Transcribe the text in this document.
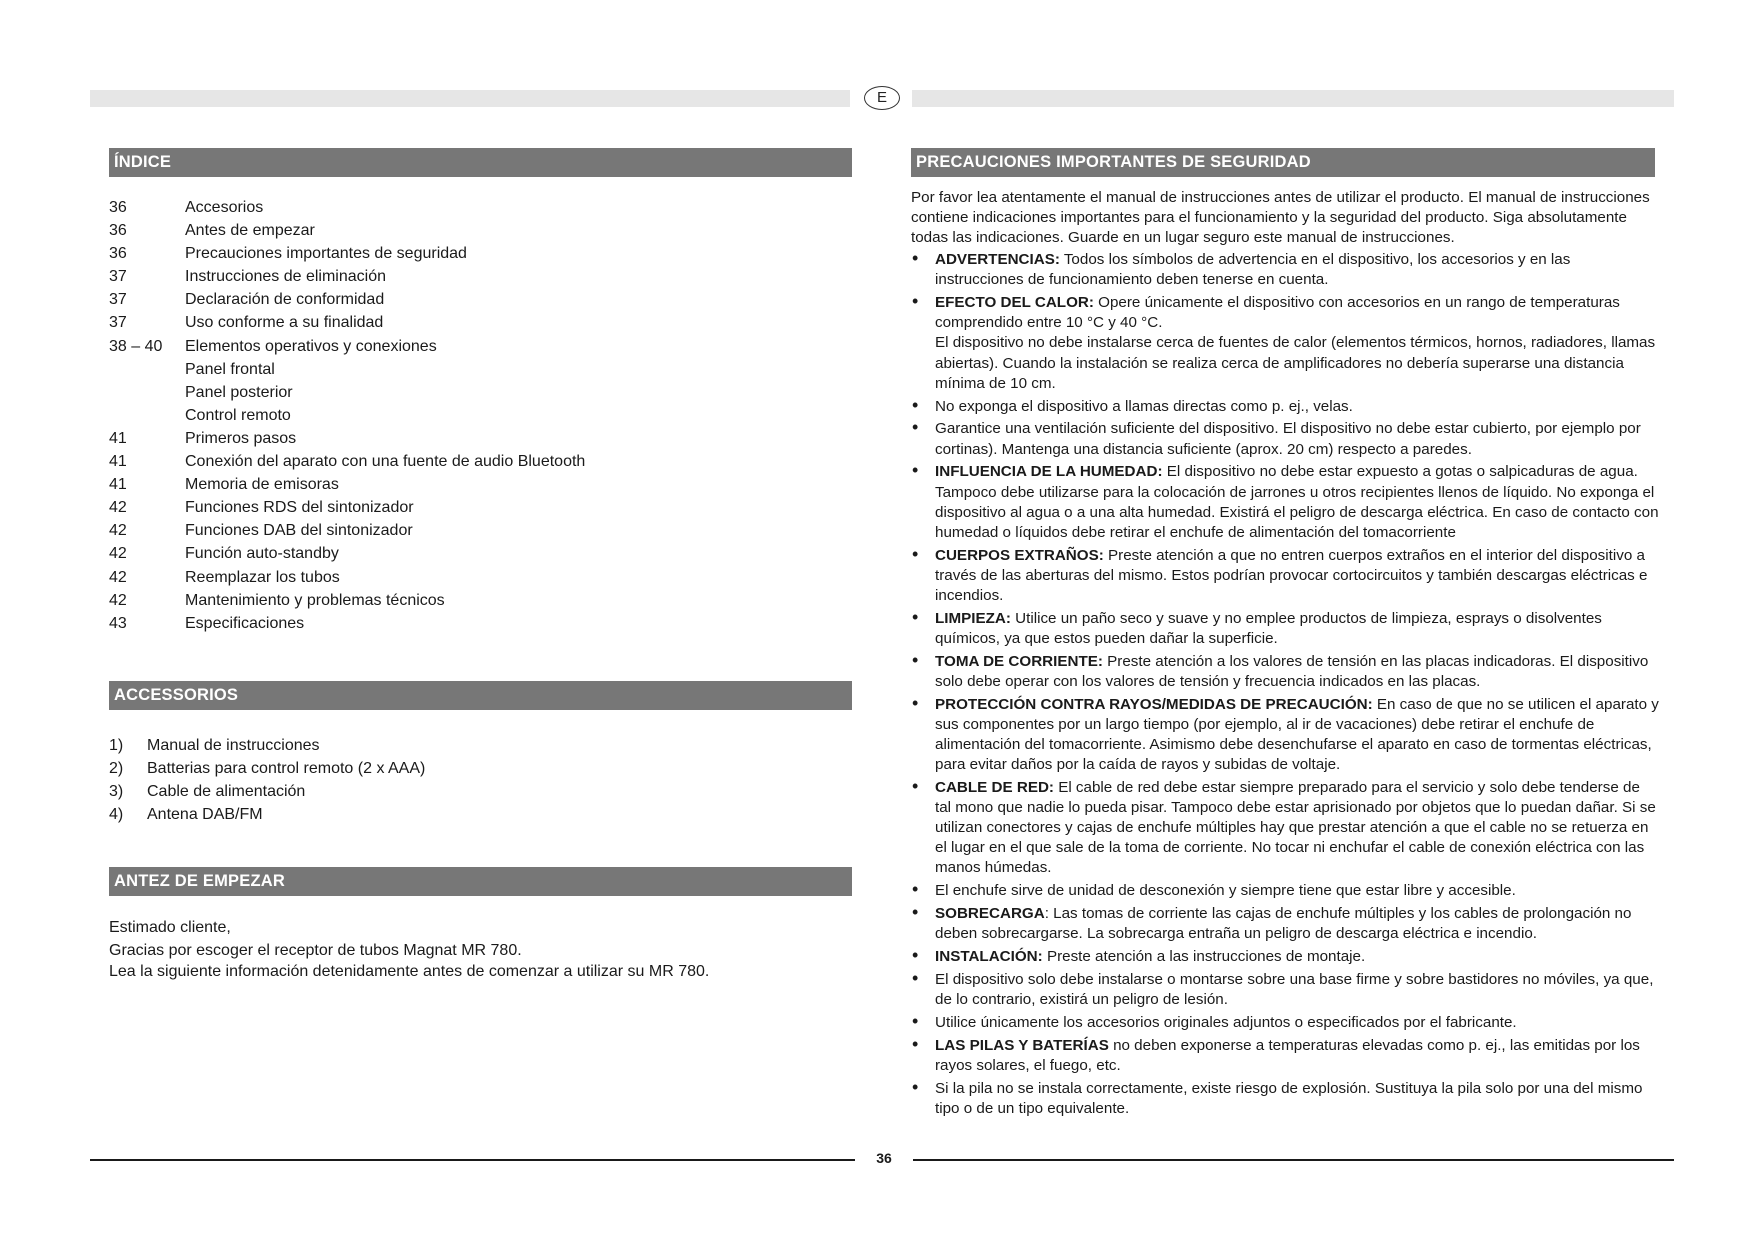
E
ÍNDICE
36	Accesorios
36	Antes de empezar
36	Precauciones importantes de seguridad
37	Instrucciones de eliminación
37	Declaración de conformidad
37	Uso conforme a su finalidad
38 – 40	Elementos operativos y conexiones
Panel frontal
Panel posterior
Control remoto
41	Primeros pasos
41	Conexión del aparato con una fuente de audio Bluetooth
41	Memoria de emisoras
42	Funciones RDS del sintonizador
42	Funciones DAB del sintonizador
42	Función auto-standby
42	Reemplazar los tubos
42	Mantenimiento y problemas técnicos
43	Especificaciones
ACCESSORIOS
1)	Manual de instrucciones
2)	Batterias para control remoto (2 x AAA)
3)	Cable de alimentación
4)	Antena DAB/FM
ANTEZ DE EMPEZAR

Estimado cliente,

Gracias por escoger el receptor de tubos Magnat MR 780.

Lea la siguiente información detenidamente antes de comenzar a utilizar su MR 780.

PRECAUCIONES IMPORTANTES DE SEGURIDAD

Por favor lea atentamente el manual de instrucciones antes de utilizar el producto. El manual de instrucciones contiene indicaciones importantes para el funcionamiento y la seguridad del producto. Siga absolutamente todas las indicaciones. Guarde en un lugar seguro este manual de instrucciones.

• ADVERTENCIAS: Todos los símbolos de advertencia en el dispositivo, los accesorios y en las instrucciones de funcionamiento deben tenerse en cuenta.
• EFECTO DEL CALOR: Opere únicamente el dispositivo con accesorios en un rango de temperaturas comprendido entre 10 °C y 40 °C.
El dispositivo no debe instalarse cerca de fuentes de calor (elementos térmicos, hornos, radiadores, llamas abiertas). Cuando la instalación se realiza cerca de amplificadores no debería superarse una distancia mínima de 10 cm.
• No exponga el dispositivo a llamas directas como p. ej., velas.
• Garantice una ventilación suficiente del dispositivo. El dispositivo no debe estar cubierto, por ejemplo por cortinas). Mantenga una distancia suficiente (aprox. 20 cm) respecto a paredes.
• INFLUENCIA DE LA HUMEDAD: El dispositivo no debe estar expuesto a gotas o salpicaduras de agua. Tampoco debe utilizarse para la colocación de jarrones u otros recipientes llenos de líquido. No exponga el dispositivo al agua o a una alta humedad. Existirá el peligro de descarga eléctrica. En caso de contacto con humedad o líquidos debe retirar el enchufe de alimentación del tomacorriente
• CUERPOS EXTRAÑOS: Preste atención a que no entren cuerpos extraños en el interior del dispositivo a través de las aberturas del mismo. Estos podrían provocar cortocircuitos y también descargas eléctricas e incendios.
• LIMPIEZA: Utilice un paño seco y suave y no emplee productos de limpieza, esprays o disolventes químicos, ya que estos pueden dañar la superficie.
• TOMA DE CORRIENTE: Preste atención a los valores de tensión en las placas indicadoras. El dispositivo solo debe operar con los valores de tensión y frecuencia indicados en las placas.
• PROTECCIÓN CONTRA RAYOS/MEDIDAS DE PRECAUCIÓN: En caso de que no se utilicen el aparato y sus componentes por un largo tiempo (por ejemplo, al ir de vacaciones) debe retirar el enchufe de alimentación del tomacorriente. Asimismo debe desenchufarse el aparato en caso de tormentas eléctricas, para evitar daños por la caída de rayos y subidas de voltaje.
• CABLE DE RED: El cable de red debe estar siempre preparado para el servicio y solo debe tenderse de tal mono que nadie lo pueda pisar. Tampoco debe estar aprisionado por objetos que lo puedan dañar. Si se utilizan conectores y cajas de enchufe múltiples hay que prestar atención a que el cable no se retuerza en el lugar en el que sale de la toma de corriente. No tocar ni enchufar el cable de conexión eléctrica con las manos húmedas.
• El enchufe sirve de unidad de desconexión y siempre tiene que estar libre y accesible.
• SOBRECARGA: Las tomas de corriente las cajas de enchufe múltiples y los cables de prolongación no deben sobrecargarse. La sobrecarga entraña un peligro de descarga eléctrica e incendio.
• INSTALACIÓN: Preste atención a las instrucciones de montaje.
• El dispositivo solo debe instalarse o montarse sobre una base firme y sobre bastidores no móviles, ya que, de lo contrario, existirá un peligro de lesión.
• Utilice únicamente los accesorios originales adjuntos o especificados por el fabricante.
• LAS PILAS Y BATERÍAS no deben exponerse a temperaturas elevadas como p. ej., las emitidas por los rayos solares, el fuego, etc.
• Si la pila no se instala correctamente, existe riesgo de explosión. Sustituya la pila solo por una del mismo tipo o de un tipo equivalente.
36
